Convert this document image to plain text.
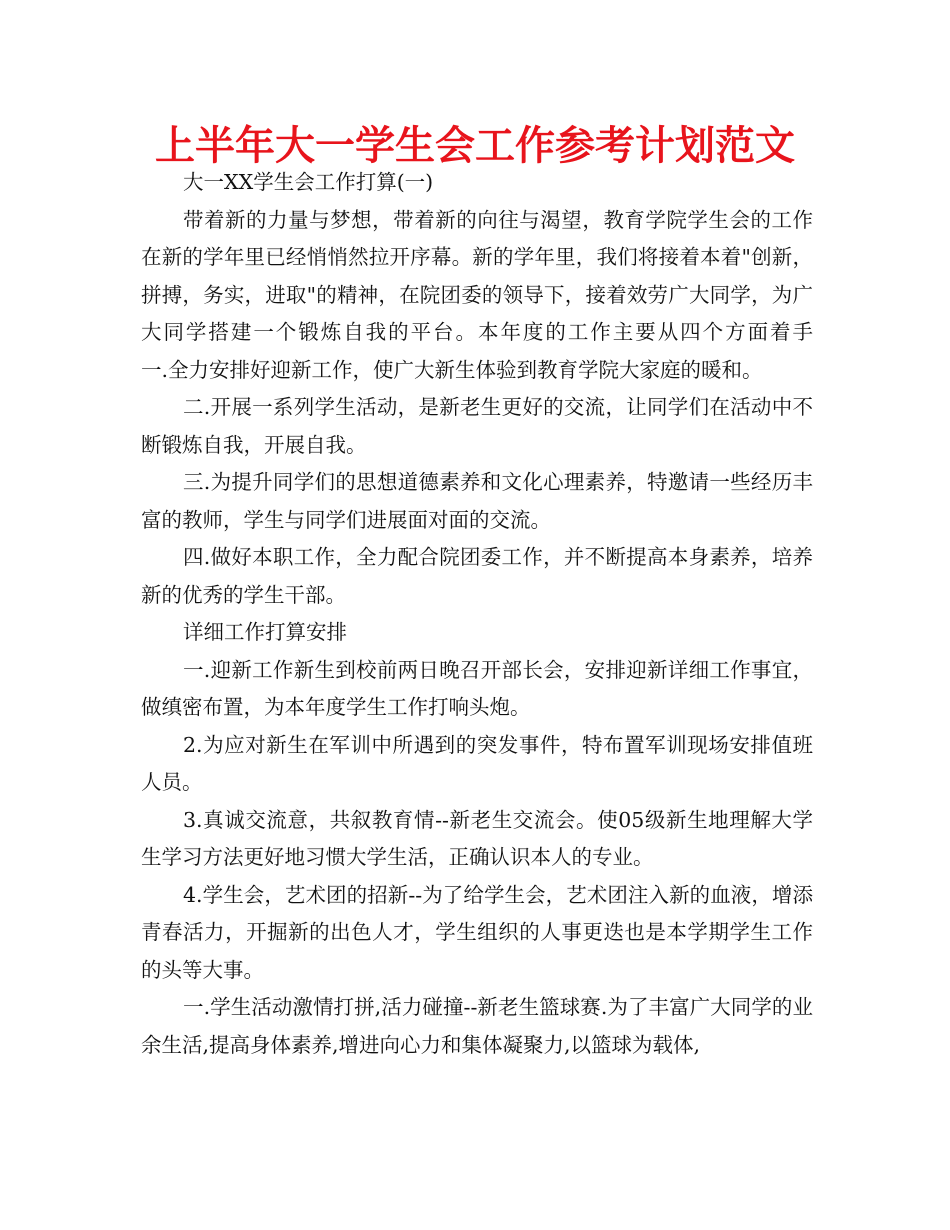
上半年大一学生会工作参考计划范文

大一XX学生会工作打算(一)

带着新的力量与梦想，带着新的向往与渴望，教育学院学生会的工作在新的学年里已经悄悄然拉开序幕。新的学年里，我们将接着本着"创新，拼搏，务实，进取"的精神，在院团委的领导下，接着效劳广大同学，为广大同学搭建一个锻炼自我的平台。本年度的工作主要从四个方面着手　　一.全力安排好迎新工作，使广大新生体验到教育学院大家庭的暖和。

二.开展一系列学生活动，是新老生更好的交流，让同学们在活动中不断锻炼自我，开展自我。

三.为提升同学们的思想道德素养和文化心理素养，特邀请一些经历丰富的教师，学生与同学们进展面对面的交流。

四.做好本职工作，全力配合院团委工作，并不断提高本身素养，培养新的优秀的学生干部。

详细工作打算安排

一.迎新工作新生到校前两日晚召开部长会，安排迎新详细工作事宜，做缜密布置，为本年度学生工作打响头炮。

2.为应对新生在军训中所遇到的突发事件，特布置军训现场安排值班人员。

3.真诚交流意，共叙教育情--新老生交流会。使05级新生地理解大学生学习方法更好地习惯大学生活，正确认识本人的专业。

4.学生会，艺术团的招新--为了给学生会，艺术团注入新的血液，增添青春活力，开掘新的出色人才，学生组织的人事更迭也是本学期学生工作的头等大事。

一.学生活动激情打拼,活力碰撞--新老生篮球赛.为了丰富广大同学的业余生活,提高身体素养,增进向心力和集体凝聚力,以篮球为载体,
